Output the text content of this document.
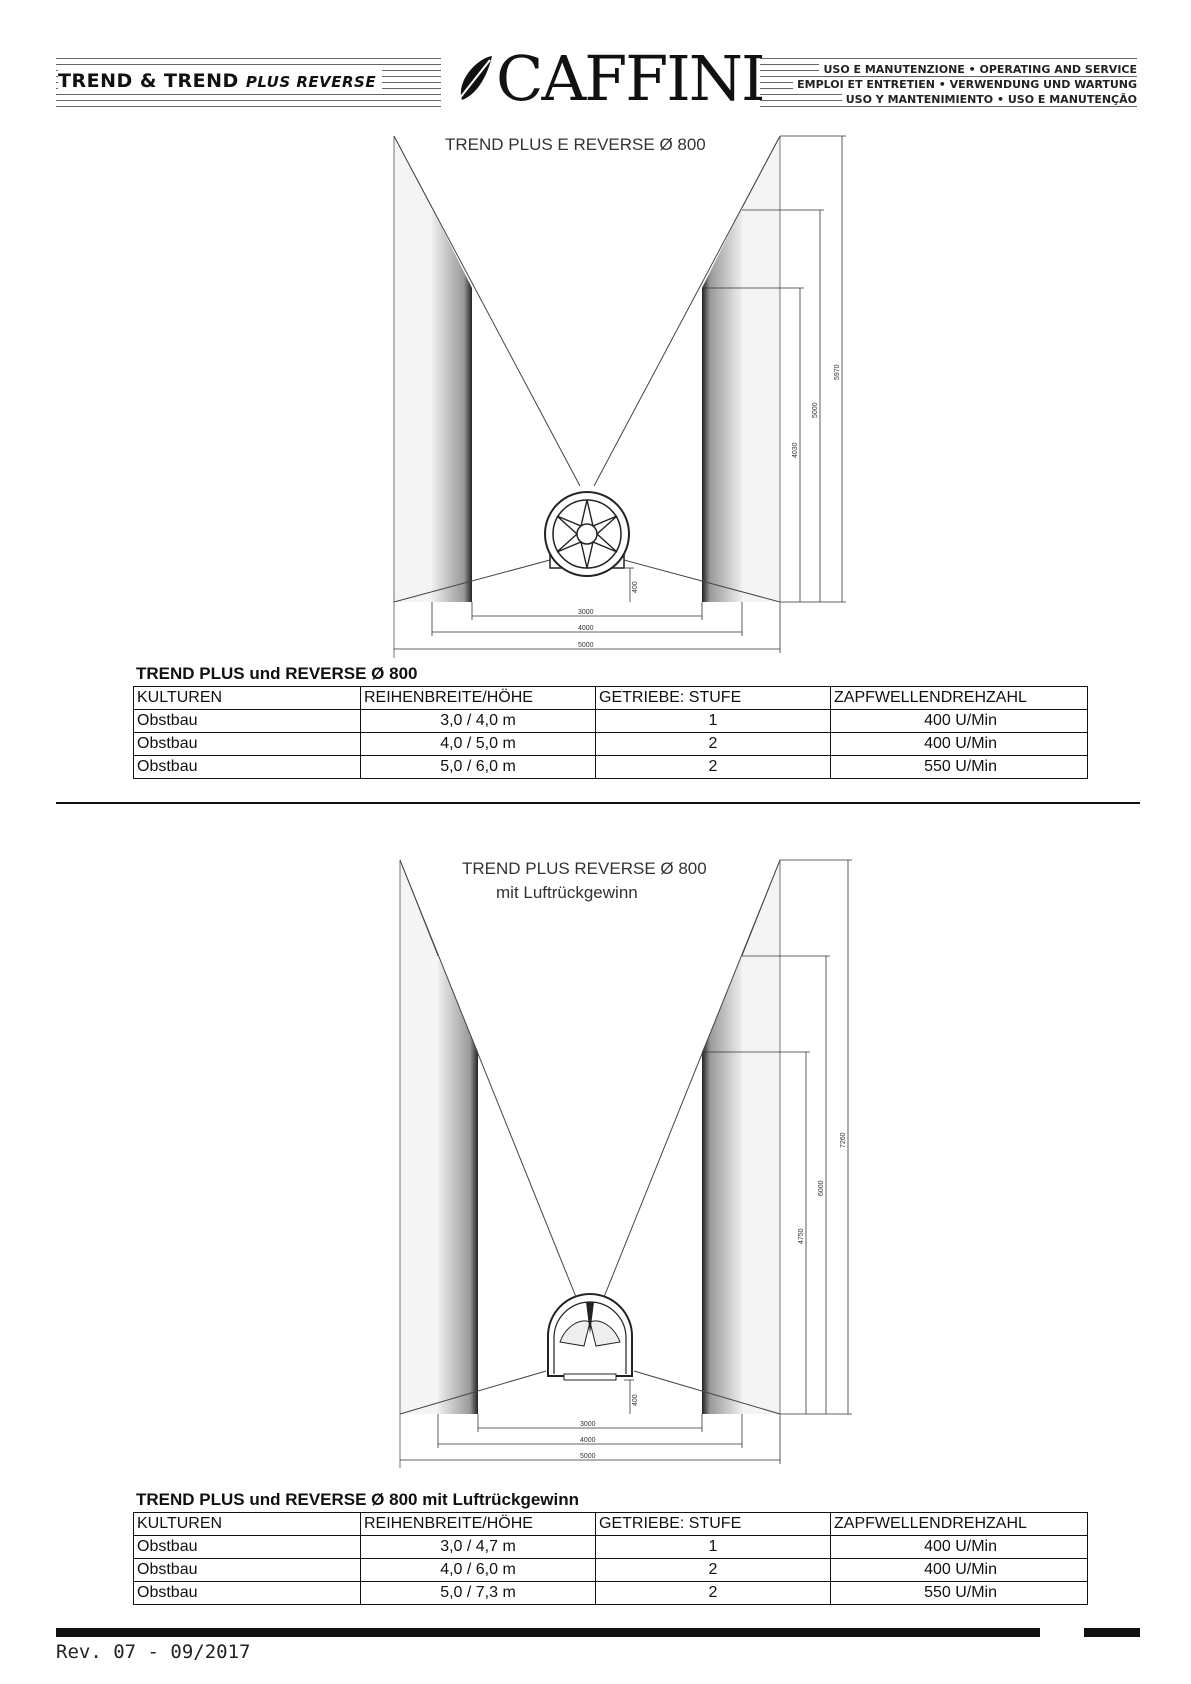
TREND & TREND PLUS REVERSE CAFFINI	USO E MANUTENZIONE • OPERATING AND SERVICE
EMPLOI ET ENTRETIEN • VERWENDUNG UND WARTUNG
USO Y MANTENIMIENTO • USO E MANUTENÇÃO
TREND PLUS E REVERSE Ø 800
3000
4000
5000
400
4030
5000
5970
TREND PLUS und REVERSE Ø 800
KULTUREN	REIHENBREITE/HÖHE	GETRIEBE: STUFE	ZAPFWELLENDREHZAHL
Obstbau	3,0 / 4,0 m	1	400 U/Min
Obstbau	4,0 / 5,0 m	2	400 U/Min
Obstbau	5,0 / 6,0 m	2	550 U/Min
TREND PLUS REVERSE Ø 800
mit Luftrückgewinn
3000
4000
5000
400
4750
6000
7260
TREND PLUS und REVERSE Ø 800 mit Luftrückgewinn
KULTUREN	REIHENBREITE/HÖHE	GETRIEBE: STUFE	ZAPFWELLENDREHZAHL
Obstbau	3,0 / 4,7 m	1	400 U/Min
Obstbau	4,0 / 6,0 m	2	400 U/Min
Obstbau	5,0 / 7,3 m	2	550 U/Min
Rev. 07 - 09/2017
